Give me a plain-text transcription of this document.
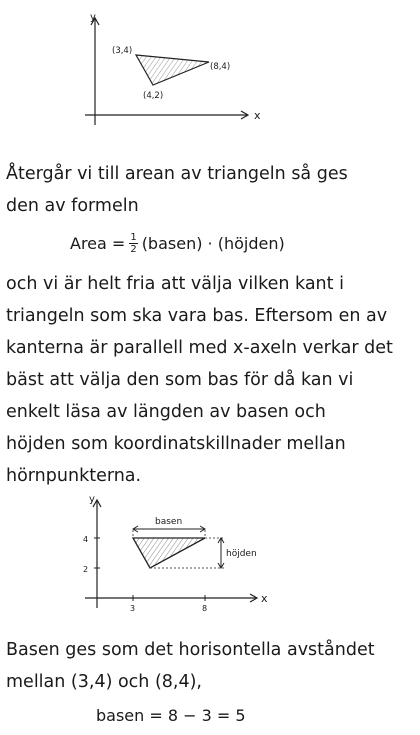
y
x
(3,4)
(8,4)
(4,2)
Återgår vi till arean av triangeln så ges
den av formeln
Area = $\frac{1}{2}$ (basen) · (höjden)
och vi är helt fria att välja vilken kant i
triangeln som ska vara bas. Eftersom en av
kanterna är parallell med x-axeln verkar det
bäst att välja den som bas för då kan vi
enkelt läsa av längden av basen och
höjden som koordinatskillnader mellan
hörnpunkterna.
y
x
4
2
3	8
basen
höjden
Basen ges som det horisontella avståndet
mellan (3,4) och (8,4),
basen = 8 − 3 = 5
